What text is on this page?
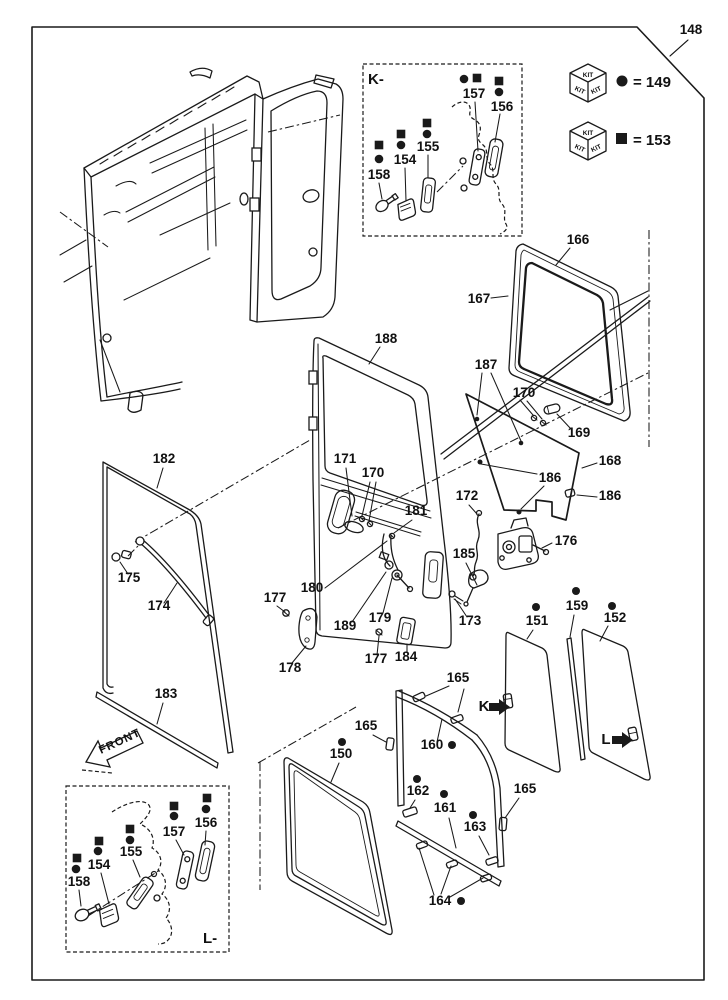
KIT
KIT KIT = 149
KIT
KIT KIT = 153
FRONT
148
K-
157
156
155
154
158
166
167
187
170
169
188
168
186
186
182	171
170
181
172
185
176
175
174
180
177
189
179	173
178
177 184
183
151
159
152
K
L
150
165
165
160
162
161
163
165
164
156
157
155
154
158
L-
